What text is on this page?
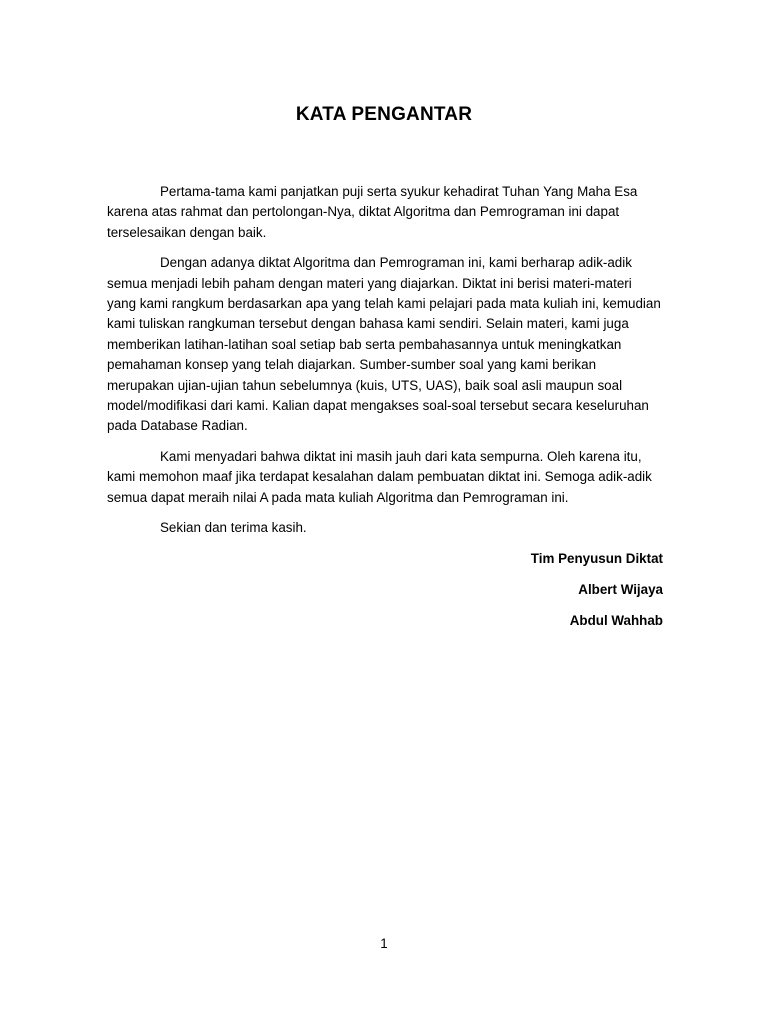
KATA PENGANTAR

Pertama-tama kami panjatkan puji serta syukur kehadirat Tuhan Yang Maha Esa karena atas rahmat dan pertolongan-Nya, diktat Algoritma dan Pemrograman ini dapat terselesaikan dengan baik.

Dengan adanya diktat Algoritma dan Pemrograman ini, kami berharap adik-adik semua menjadi lebih paham dengan materi yang diajarkan. Diktat ini berisi materi-materi yang kami rangkum berdasarkan apa yang telah kami pelajari pada mata kuliah ini, kemudian kami tuliskan rangkuman tersebut dengan bahasa kami sendiri. Selain materi, kami juga memberikan latihan-latihan soal setiap bab serta pembahasannya untuk meningkatkan pemahaman konsep yang telah diajarkan. Sumber-sumber soal yang kami berikan merupakan ujian-ujian tahun sebelumnya (kuis, UTS, UAS), baik soal asli maupun soal model/modifikasi dari kami. Kalian dapat mengakses soal-soal tersebut secara keseluruhan pada Database Radian.

Kami menyadari bahwa diktat ini masih jauh dari kata sempurna. Oleh karena itu, kami memohon maaf jika terdapat kesalahan dalam pembuatan diktat ini. Semoga adik-adik semua dapat meraih nilai A pada mata kuliah Algoritma dan Pemrograman ini.

Sekian dan terima kasih.

Tim Penyusun Diktat

Albert Wijaya

Abdul Wahhab

1
